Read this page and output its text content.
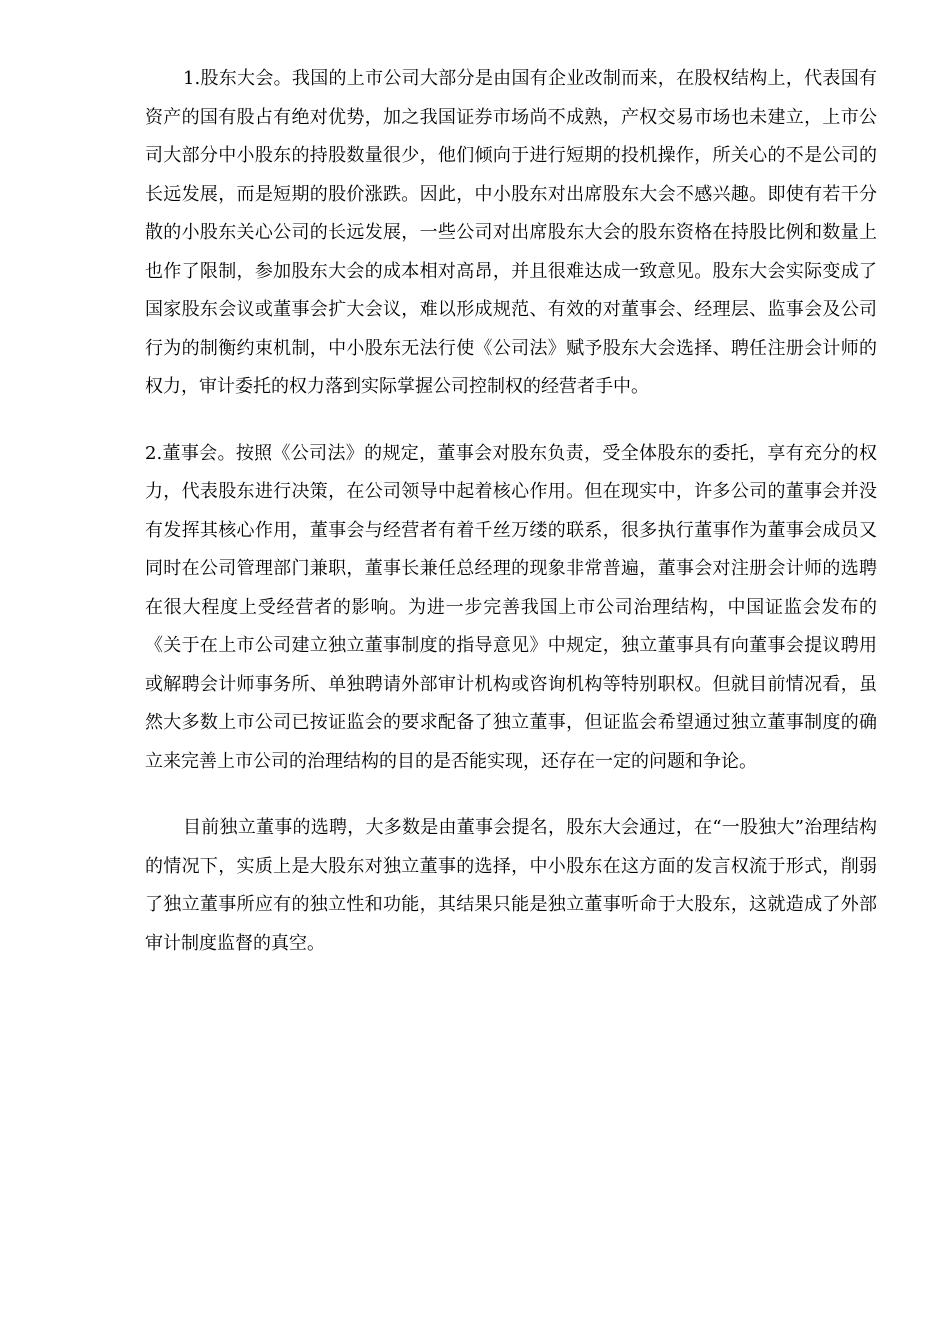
1.股东大会。我国的上市公司大部分是由国有企业改制而来，在股权结构上，代表国有资产的国有股占有绝对优势，加之我国证券市场尚不成熟，产权交易市场也未建立，上市公司大部分中小股东的持股数量很少，他们倾向于进行短期的投机操作，所关心的不是公司的长远发展，而是短期的股价涨跌。因此，中小股东对出席股东大会不感兴趣。即使有若干分散的小股东关心公司的长远发展，一些公司对出席股东大会的股东资格在持股比例和数量上也作了限制，参加股东大会的成本相对高昂，并且很难达成一致意见。股东大会实际变成了国家股东会议或董事会扩大会议，难以形成规范、有效的对董事会、经理层、监事会及公司行为的制衡约束机制，中小股东无法行使《公司法》赋予股东大会选择、聘任注册会计师的权力，审计委托的权力落到实际掌握公司控制权的经营者手中。

2.董事会。按照《公司法》的规定，董事会对股东负责，受全体股东的委托，享有充分的权力，代表股东进行决策，在公司领导中起着核心作用。但在现实中，许多公司的董事会并没有发挥其核心作用，董事会与经营者有着千丝万缕的联系，很多执行董事作为董事会成员又同时在公司管理部门兼职，董事长兼任总经理的现象非常普遍，董事会对注册会计师的选聘在很大程度上受经营者的影响。为进一步完善我国上市公司治理结构，中国证监会发布的《关于在上市公司建立独立董事制度的指导意见》中规定，独立董事具有向董事会提议聘用或解聘会计师事务所、单独聘请外部审计机构或咨询机构等特别职权。但就目前情况看，虽然大多数上市公司已按证监会的要求配备了独立董事，但证监会希望通过独立董事制度的确立来完善上市公司的治理结构的目的是否能实现，还存在一定的问题和争论。

目前独立董事的选聘，大多数是由董事会提名，股东大会通过，在“一股独大”治理结构的情况下，实质上是大股东对独立董事的选择，中小股东在这方面的发言权流于形式，削弱了独立董事所应有的独立性和功能，其结果只能是独立董事听命于大股东，这就造成了外部审计制度监督的真空。
